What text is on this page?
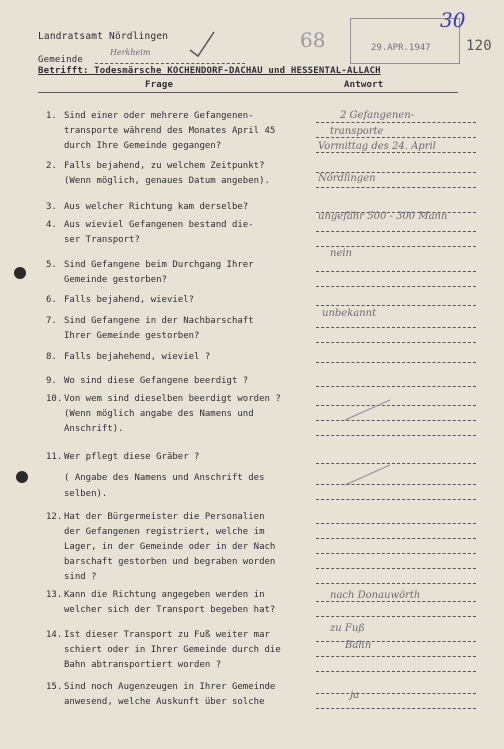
Landratsamt Nördlingen
Gemeinde
Herkheim
68	29.APR.1947
30
120
Betrifft: Todesmärsche KOCHENDORF-DACHAU und HESSENTAL-ALLACH
Frage	Antwort
1. Sind einer oder mehrere Gefangenen-
transporte während des Monates April 45
durch Ihre Gemeinde gegangen?
2. Falls bejahend, zu welchem Zeitpunkt?
(Wenn möglich, genaues Datum angeben).
3. Aus welcher Richtung kam derselbe?
4. Aus wieviel Gefangenen bestand die-
ser Transport?
5. Sind Gefangene beim Durchgang Ihrer
Gemeinde gestorben?
6. Falls bejahend, wieviel?
7. Sind Gefangene in der Nachbarschaft
Ihrer Gemeinde gestorben?
8. Falls bejahehend, wieviel ?
9. Wo sind diese Gefangene beerdigt ?
10. Von wem sind dieselben beerdigt worden ?
(Wenn möglich angabe des Namens und
Anschrift).
11. Wer pflegt diese Gräber ?
( Angabe des Namens und Anschrift des
selben).
12. Hat der Bürgermeister die Personalien
der Gefangenen registriert, welche im
Lager, in der Gemeinde oder in der Nach
barschaft gestorben und begraben worden
sind ?
13. Kann die Richtung angegeben werden in
welcher sich der Transport begeben hat?
14. Ist dieser Transport zu Fuß weiter mar
schiert oder in Ihrer Gemeinde durch die
Bahn abtransportiert worden ?
15. Sind noch Augenzeugen in Ihrer Gemeinde
anwesend, welche Auskunft über solche
2 Gefangenen-
transporte
Vormittag des 24. April
Nördlingen
ungefähr 500 - 300 Mann
nein
unbekannt
nach Donauwörth
zu Fuß
Bahn
ja
